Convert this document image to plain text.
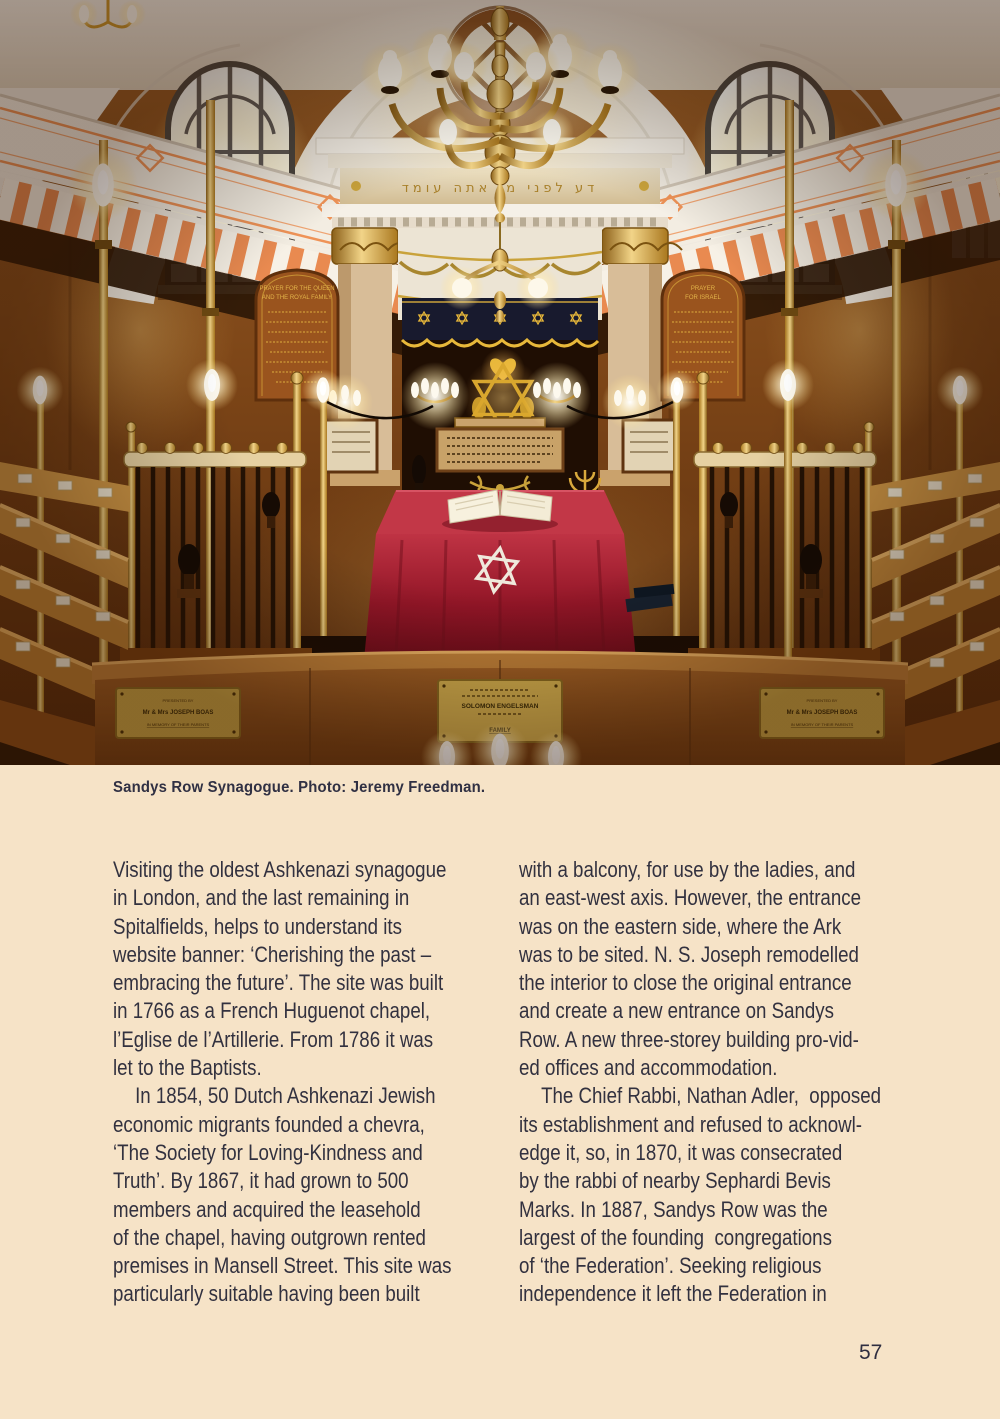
Sandys Row Synagogue. Photo: Jeremy Freedman.
Visiting the oldest Ashkenazi synagogue
in London, and the last remaining in
Spitalfields, helps to understand its
website banner: ‘Cherishing the past –
embracing the future’. The site was built
in 1766 as a French Huguenot chapel,
l’Eglise de l’Artillerie. From 1786 it was
let to the Baptists.
In 1854, 50 Dutch Ashkenazi Jewish
economic migrants founded a chevra,
‘The Society for Loving-Kindness and
Truth’. By 1867, it had grown to 500
members and acquired the leasehold
of the chapel, having outgrown rented
premises in Mansell Street. This site was
particularly suitable having been built
with a balcony, for use by the ladies, and
an east-west axis. However, the entrance
was on the eastern side, where the Ark
was to be sited. N. S. Joseph remodelled
the interior to close the original entrance
and create a new entrance on Sandys
Row. A new three-storey building pro-vid-
ed offices and accommodation.
The Chief Rabbi, Nathan Adler,  opposed
its establishment and refused to acknowl-
edge it, so, in 1870, it was consecrated
by the rabbi of nearby Sephardi Bevis
Marks. In 1887, Sandys Row was the
largest of the founding  congregations
of ‘the Federation’. Seeking religious
independence it left the Federation in
57
